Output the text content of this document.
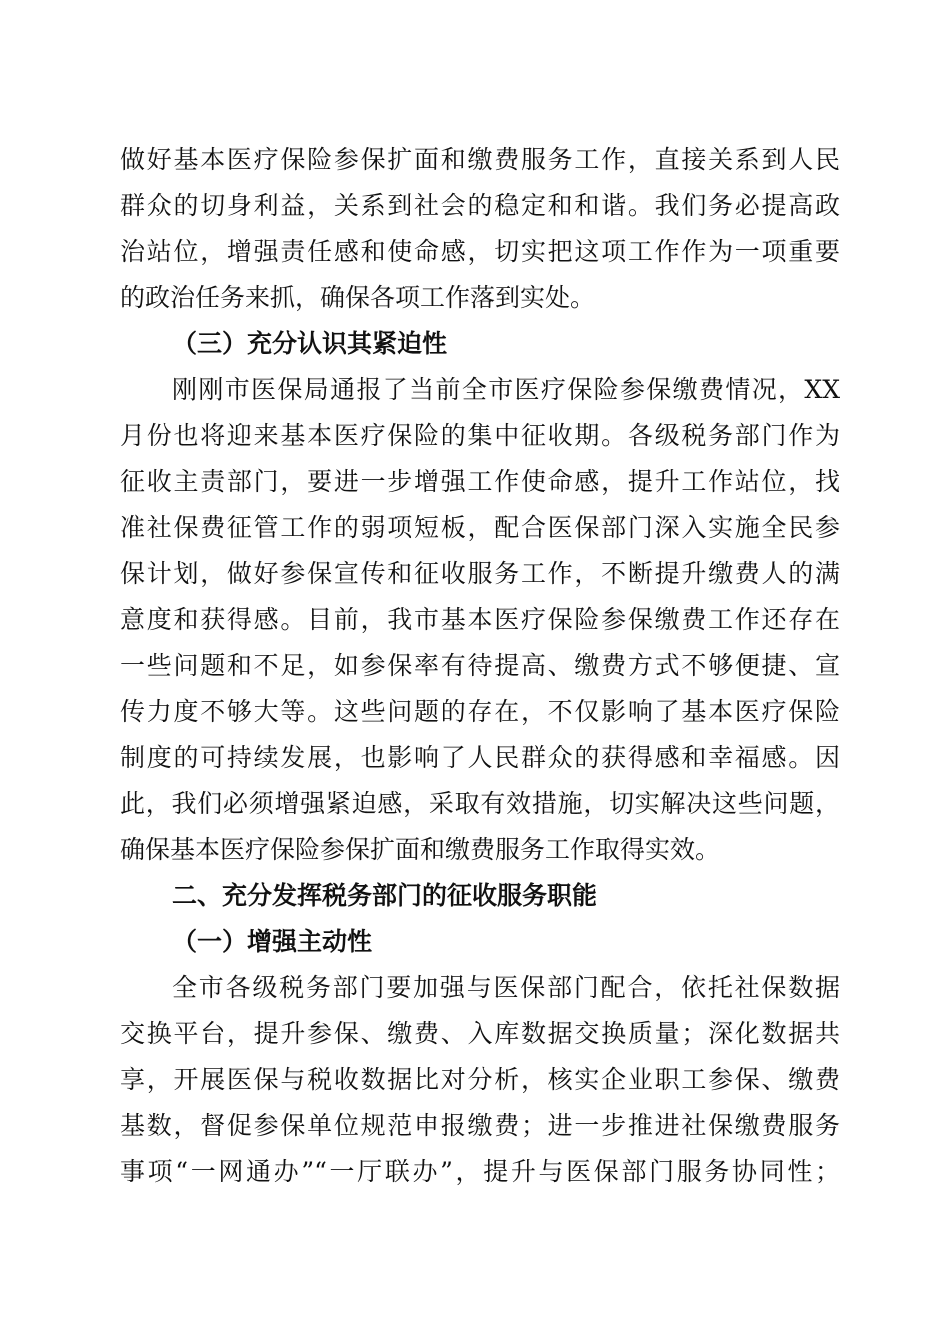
做好基本医疗保险参保扩面和缴费服务工作，直接关系到人民
群众的切身利益，关系到社会的稳定和和谐。我们务必提高政
治站位，增强责任感和使命感，切实把这项工作作为一项重要
的政治任务来抓，确保各项工作落到实处。
（三）充分认识其紧迫性
刚刚市医保局通报了当前全市医疗保险参保缴费情况，XX
月份也将迎来基本医疗保险的集中征收期。各级税务部门作为
征收主责部门，要进一步增强工作使命感，提升工作站位，找
准社保费征管工作的弱项短板，配合医保部门深入实施全民参
保计划，做好参保宣传和征收服务工作，不断提升缴费人的满
意度和获得感。目前，我市基本医疗保险参保缴费工作还存在
一些问题和不足，如参保率有待提高、缴费方式不够便捷、宣
传力度不够大等。这些问题的存在，不仅影响了基本医疗保险
制度的可持续发展，也影响了人民群众的获得感和幸福感。因
此，我们必须增强紧迫感，采取有效措施，切实解决这些问题，
确保基本医疗保险参保扩面和缴费服务工作取得实效。
二、充分发挥税务部门的征收服务职能
（一）增强主动性
全市各级税务部门要加强与医保部门配合，依托社保数据
交换平台，提升参保、缴费、入库数据交换质量；深化数据共
享，开展医保与税收数据比对分析，核实企业职工参保、缴费
基数，督促参保单位规范申报缴费；进一步推进社保缴费服务
事项“一网通办”“一厅联办”，提升与医保部门服务协同性；
